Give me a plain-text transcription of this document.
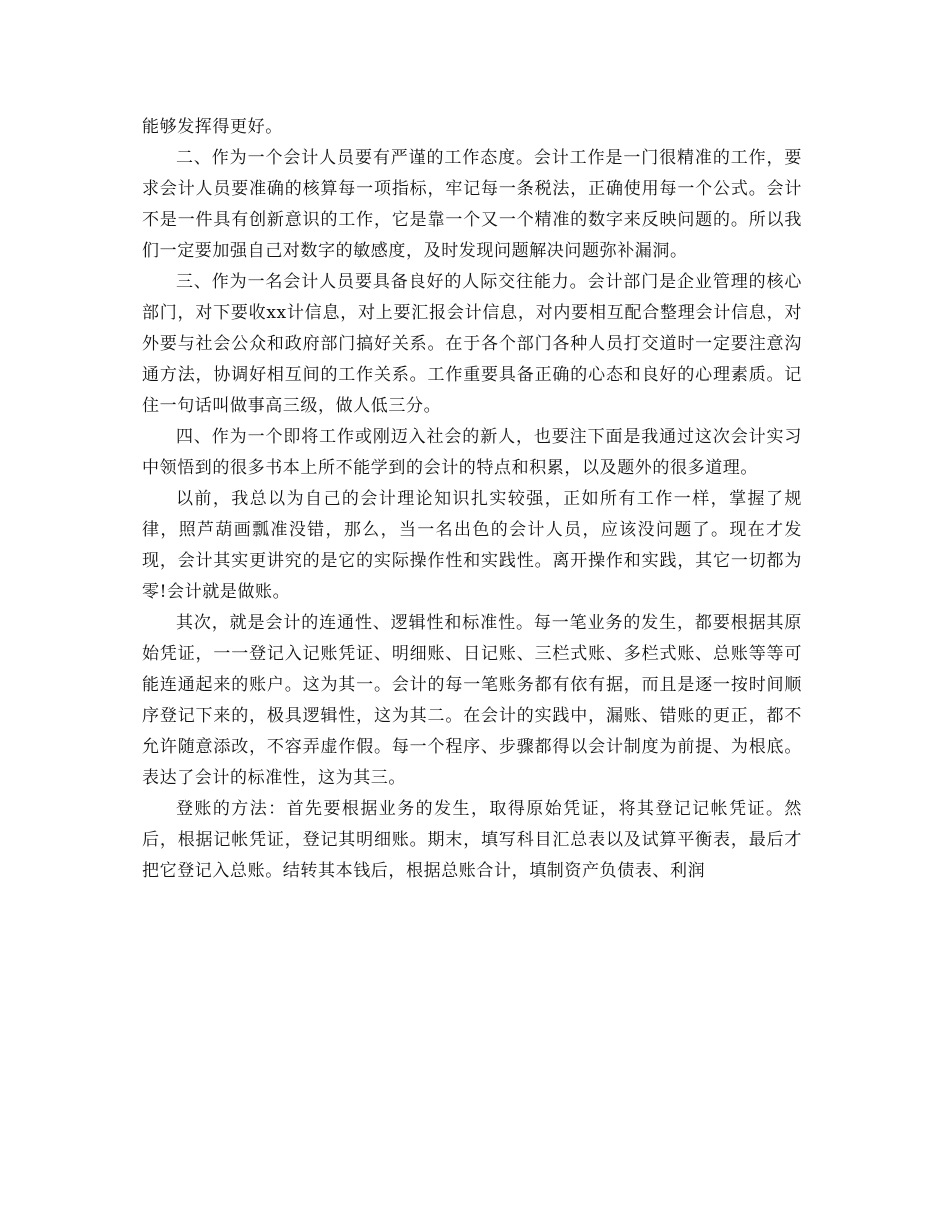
能够发挥得更好。

二、作为一个会计人员要有严谨的工作态度。会计工作是一门很精准的工作，要求会计人员要准确的核算每一项指标，牢记每一条税法，正确使用每一个公式。会计不是一件具有创新意识的工作，它是靠一个又一个精准的数字来反映问题的。所以我们一定要加强自己对数字的敏感度，及时发现问题解决问题弥补漏洞。

三、作为一名会计人员要具备良好的人际交往能力。会计部门是企业管理的核心部门，对下要收xx计信息，对上要汇报会计信息，对内要相互配合整理会计信息，对外要与社会公众和政府部门搞好关系。在于各个部门各种人员打交道时一定要注意沟通方法，协调好相互间的工作关系。工作重要具备正确的心态和良好的心理素质。记住一句话叫做事高三级，做人低三分。

四、作为一个即将工作或刚迈入社会的新人，也要注下面是我通过这次会计实习中领悟到的很多书本上所不能学到的会计的特点和积累，以及题外的很多道理。

以前，我总以为自己的会计理论知识扎实较强，正如所有工作一样，掌握了规律，照芦葫画瓢准没错，那么，当一名出色的会计人员，应该没问题了。现在才发现，会计其实更讲究的是它的实际操作性和实践性。离开操作和实践，其它一切都为零!会计就是做账。

其次，就是会计的连通性、逻辑性和标准性。每一笔业务的发生，都要根据其原始凭证，一一登记入记账凭证、明细账、日记账、三栏式账、多栏式账、总账等等可能连通起来的账户。这为其一。会计的每一笔账务都有依有据，而且是逐一按时间顺序登记下来的，极具逻辑性，这为其二。在会计的实践中，漏账、错账的更正，都不允许随意添改，不容弄虚作假。每一个程序、步骤都得以会计制度为前提、为根底。表达了会计的标准性，这为其三。

登账的方法：首先要根据业务的发生，取得原始凭证，将其登记记帐凭证。然后，根据记帐凭证，登记其明细账。期末，填写科目汇总表以及试算平衡表，最后才把它登记入总账。结转其本钱后，根据总账合计，填制资产负债表、利润
